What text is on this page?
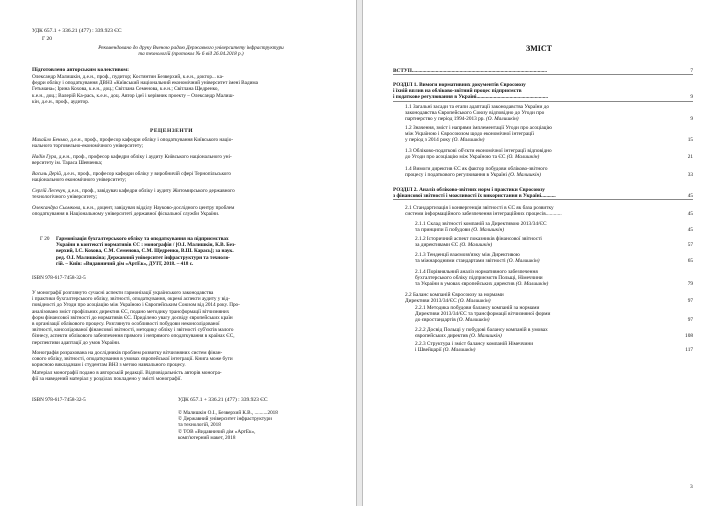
УДК 657.1 + 336.21 (477) : 339.923 ЄС
Г 20
Рекомендовано до друку Вченою радою Державного університету інфраструктури
та технологій (протокол № 6 від 26.04.2018 р.)
Підготовлено авторським колективом:
Олександр Малишкін, д.е.н., проф., пудитор; Костянтин Безверхий, к.е.н., доктор... ка-
федри обліку і оподаткування ДВНЗ «Київський національний економічний університет імені Вадима
Гетьмана»; Ірина Кохова, к.е.н., доц.; Світлана Семенова, к.е.н.; Світлана Щедренко,
к.е.н., доц.; Валерій Ка-рась, к.е.н., доц. Автор ідеї і керівник проекту – Олександр Малиш-
кін, д.е.н., проф., аудитор.
РЕЦЕНЗЕНТИ
Михайло Бенько, д.е.н., проф., професор кафедри обліку і оподаткування Київського націо-
нального торговельно-економічного університету;
Надія Гура, д.е.н., проф., професор кафедри обліку і аудиту Київського національного уні-
верситету ім. Тараса Шевченка;
Василь Дерій, д.е.н., проф., професор кафедри обліку у виробничій сфері Тернопільського
національного економічного університету;
Сергій Лесечук, д.е.н., проф., завідувач кафедри обліку і аудиту Житомирського державного
технологічного університету;
Олександра Сьомкова, к.е.н., доцент, завідувач відділу Науково-дослідного центру проблем
оподаткування в Національному університеті державної фіскальної служби України.
Г 20 Гармонізація бухгалтерського обліку та оподаткування на підприємствах
України в контексті нормативів ЄС : монографія / [О.І. Малишкін, К.В. Без-
верхий, І.С. Кохова, С.М. Семенова, С.М. Щедренко, В.Ш. Карась]; за наук.
ред. О.І. Малишкіна; Державний університет інфраструктури та техноло-
гій. – Київ: «Видавничий дім «АртЕк», ДУІТ, 2018. – 418 с.
ISBN 978-617-7458-32-5
У монографії розглянуто сучасні аспекти гармонізації українського законодавства
і практики бухгалтерського обліку, звітності, оподаткування, окремі аспекти аудиту у від-
повідності до Угоди про асоціацію між Україною і Європейським Союзом від 2014 року. Про-
аналізовано зміст профільних директив ЄС, подано методику трансформації вітчизняних
форм фінансової звітності до нормативів ЄС. Приділено увагу досвіду європейських країн
в організації облікового процесу. Розглянуто особливості побудови неконсолідованої
звітності, консолідованої фінансової звітності, методику обліку і звітності суб'єктів малого
бізнесу, аспекти облікового забезпечення прямого і непрямого оподаткування в країнах ЄС,
перспективи адаптації до умов України.
Монографія розрахована на дослідників проблем розвитку вітчизняних систем фінан-
сового обліку, звітності, оподаткування в умовах європейської інтеграції. Книга може бути
корисною викладачам і студентам ВНЗ з метою навчального процесу.
Матеріал монографії подано в авторській редакції. Відповідальність авторів моногра-
фії за наведений матеріал у розділах покладено у змісті монографії.
ISBN 978-617-7458-32-5	УДК 657.1 + 336.21 (477) : 339.923 ЄС
© Малишкін О.І., Безверхий К.В., ..........2018
© Державний університет інфраструктури
та технологій, 2018
© ТОВ «Видавничий дім «АртЕк»,
комп'ютерний макет, 2018
ЗМІСТ
ВСТУП......................................................................................................	7
РОЗДІЛ 1. Вимоги нормативних документів Євросоюзу
і їхній вплив на обліково-звітний процес підприємств
і податкове регулювання в Україні......................................................	9
1.1 Загальні засади та етапи адаптації законодавства України до
законодавства Європейського Союзу відповідно до Угоди про
партнерство у період 1994-2013 рр. (О. Малишкін)	9
1.2 Значення, зміст і напрями імплементації Угоди про асоціацію
між Україною і Євросоюзом щодо економічної інтеграції
у період з 2014 року (О. Малишкін)	15
1.3 Обліково-податкові об'єкти економічної інтеграції відповідно
до Угоди про асоціацію між Україною та ЄС (О. Малишкін)	21
1.4 Вимоги директив ЄС як фактор побудови обліково-звітного
процесу і податкового регулювання в Україні (О. Малишкін)	33
РОЗДІЛ 2. Аналіз обліково-звітних норм і практики Євросоюзу
з фінансової звітності і можливості їх використання в Україні...........	45
2.1 Стандартизація і конвергенція звітності в ЄС як база розвитку
системи інформаційного забезпечення інтеграційних процесів............	45
2.1.1 Склад звітності компаній за Директивою 2013/34/ЄС
та принципи її побудови (О. Малишкін)	45
2.1.2 Історичний аспект показників фінансової звітності
за директивами ЄС (О. Малишкін)	57
2.1.3 Тенденції взаємозв'язку між Директивою
та міжнародними стандартами звітності (О. Малишкін)	65
2.1.4 Порівняльний аналіз нормативного забезпечення
бухгалтерського обліку підприємств Польщі, Німеччини
та України в умовах європейських директив (О. Малишкін)	79
2.2 Баланс компаній Євросоюзу за нормами
Директиви 2013/34/ЄС (О. Малишкін)	97
2.2.1 Методика побудови балансу компаній за нормами
Директиви 2013/34/ЄС та трансформації вітчизняної форми
до євростандартів (О. Малишкін)	97
2.2.2 Досвід Польщі у побудові балансу компаній в умовах
європейських директив (О. Малишкін)	108
2.2.3 Структура і зміст балансу компаній Німеччини
і Швейцарії (О. Малишкін)	117
3
